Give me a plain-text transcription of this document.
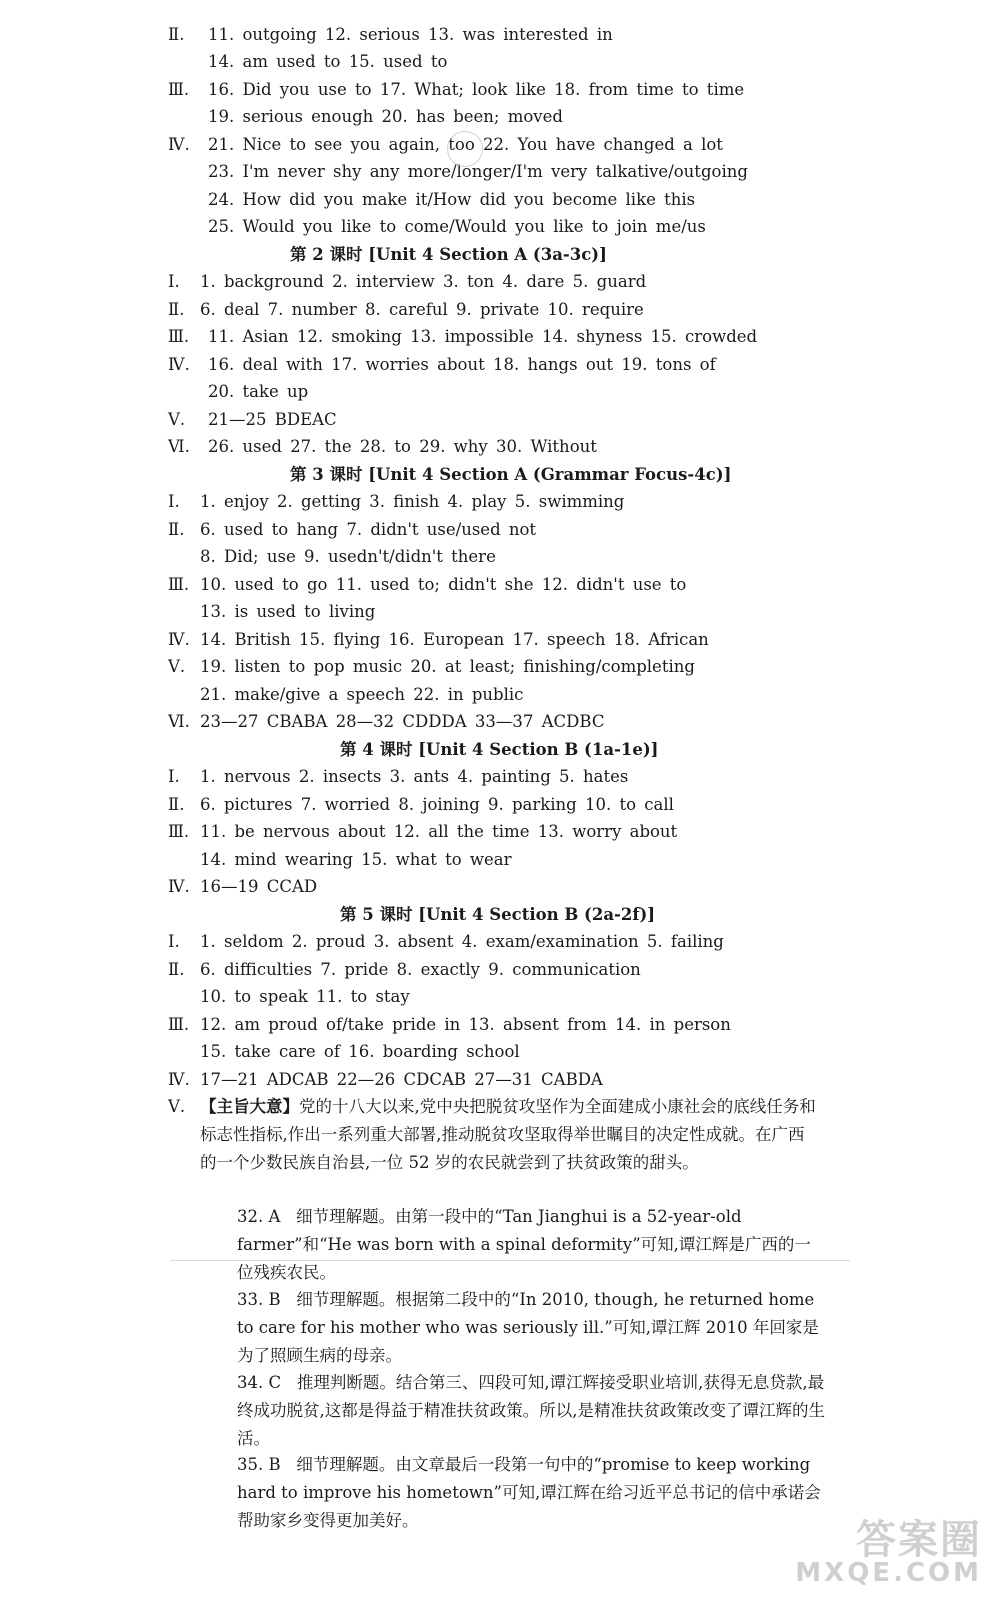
Ⅱ. 11. outgoing 12. serious 13. was interested in
14. am used to 15. used to
Ⅲ. 16. Did you use to 17. What; look like 18. from time to time
19. serious enough 20. has been; moved
Ⅳ. 21. Nice to see you again, too 22. You have changed a lot
23. I'm never shy any more/longer/I'm very talkative/outgoing
24. How did you make it/How did you become like this
25. Would you like to come/Would you like to join me/us
第 2 课时 [Unit 4 Section A (3a-3c)]
Ⅰ. 1. background 2. interview 3. ton 4. dare 5. guard
Ⅱ. 6. deal 7. number 8. careful 9. private 10. require
Ⅲ. 11. Asian 12. smoking 13. impossible 14. shyness 15. crowded
Ⅳ. 16. deal with 17. worries about 18. hangs out 19. tons of
20. take up
Ⅴ. 21—25 BDEAC
Ⅵ. 26. used 27. the 28. to 29. why 30. Without
第 3 课时 [Unit 4 Section A (Grammar Focus-4c)]
Ⅰ. 1. enjoy 2. getting 3. finish 4. play 5. swimming
Ⅱ. 6. used to hang 7. didn't use/used not
8. Did; use 9. usedn't/didn't there
Ⅲ. 10. used to go 11. used to; didn't she 12. didn't use to
13. is used to living
Ⅳ. 14. British 15. flying 16. European 17. speech 18. African
Ⅴ. 19. listen to pop music 20. at least; finishing/completing
21. make/give a speech 22. in public
Ⅵ. 23—27 CBABA 28—32 CDDDA 33—37 ACDBC
第 4 课时 [Unit 4 Section B (1a-1e)]
Ⅰ. 1. nervous 2. insects 3. ants 4. painting 5. hates
Ⅱ. 6. pictures 7. worried 8. joining 9. parking 10. to call
Ⅲ. 11. be nervous about 12. all the time 13. worry about
14. mind wearing 15. what to wear
Ⅳ. 16—19 CCAD
第 5 课时 [Unit 4 Section B (2a-2f)]
Ⅰ. 1. seldom 2. proud 3. absent 4. exam/examination 5. failing
Ⅱ. 6. difficulties 7. pride 8. exactly 9. communication
10. to speak 11. to stay
Ⅲ. 12. am proud of/take pride in 13. absent from 14. in person
15. take care of 16. boarding school
Ⅳ. 17—21 ADCAB 22—26 CDCAB 27—31 CABDA
Ⅴ. 【主旨大意】党的十八大以来,党中央把脱贫攻坚作为全面建成小康社会的底线任务和标志性指标,作出一系列重大部署,推动脱贫攻坚取得举世瞩目的决定性成就。在广西的一个少数民族自治县,一位 52 岁的农民就尝到了扶贫政策的甜头。
32. A 细节理解题。由第一段中的“Tan Jianghui is a 52-year-old farmer”和“He was born with a spinal deformity”可知,谭江辉是广西的一位残疾农民。
33. B 细节理解题。根据第二段中的“In 2010, though, he returned home to care for his mother who was seriously ill.”可知,谭江辉 2010 年回家是为了照顾生病的母亲。
34. C 推理判断题。结合第三、四段可知,谭江辉接受职业培训,获得无息贷款,最终成功脱贫,这都是得益于精准扶贫政策。所以,是精准扶贫政策改变了谭江辉的生活。
35. B 细节理解题。由文章最后一段第一句中的“promise to keep working hard to improve his hometown”可知,谭江辉在给习近平总书记的信中承诺会帮助家乡变得更加美好。	答案圈
MXQE.COM
